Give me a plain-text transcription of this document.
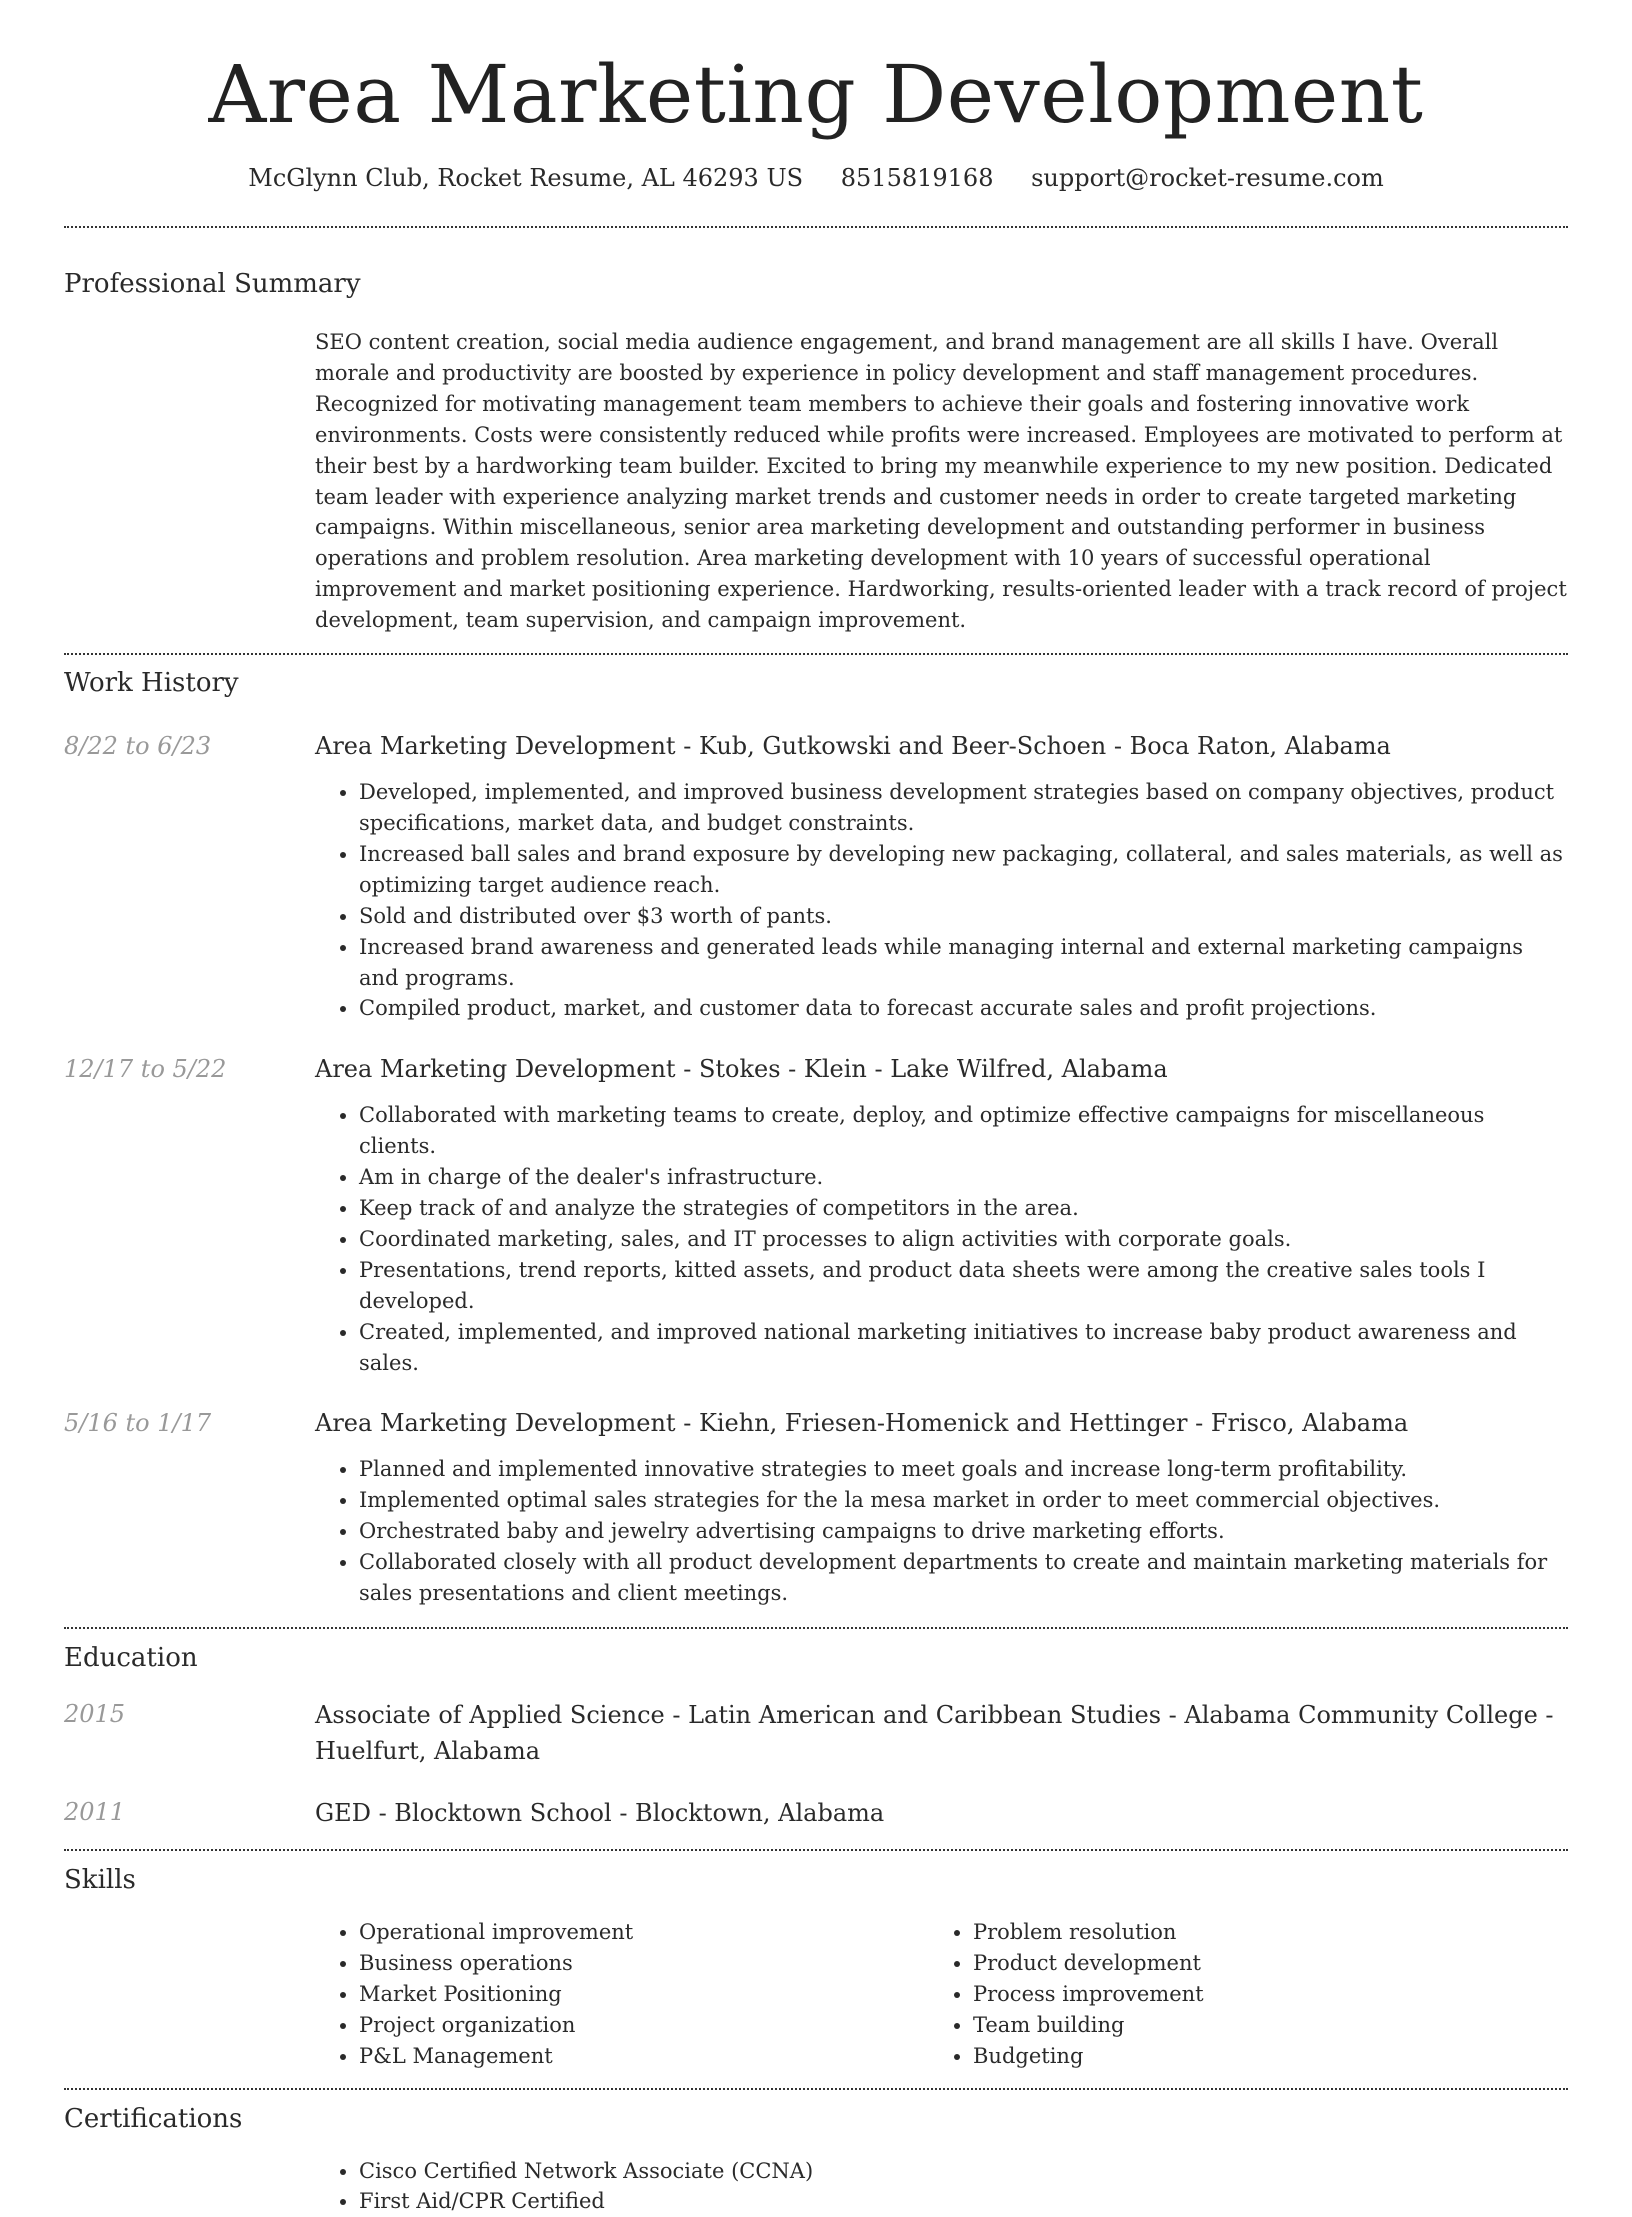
Area Marketing Development
McGlynn Club, Rocket Resume, AL 46293 US 8515819168 support@rocket-resume.com
Professional Summary

SEO content creation, social media audience engagement, and brand management are all skills I have. Overall morale and productivity are boosted by experience in policy development and staff management procedures. Recognized for motivating management team members to achieve their goals and fostering innovative work environments. Costs were consistently reduced while profits were increased. Employees are motivated to perform at their best by a hardworking team builder. Excited to bring my meanwhile experience to my new position. Dedicated team leader with experience analyzing market trends and customer needs in order to create targeted marketing campaigns. Within miscellaneous, senior area marketing development and outstanding performer in business operations and problem resolution. Area marketing development with 10 years of successful operational improvement and market positioning experience. Hardworking, results-oriented leader with a track record of project development, team supervision, and campaign improvement.

Work History
8/22 to 6/23	Area Marketing Development - Kub, Gutkowski and Beer-Schoen - Boca Raton, Alabama
• Developed, implemented, and improved business development strategies based on company objectives, product specifications, market data, and budget constraints.
• Increased ball sales and brand exposure by developing new packaging, collateral, and sales materials, as well as optimizing target audience reach.
• Sold and distributed over $3 worth of pants.
• Increased brand awareness and generated leads while managing internal and external marketing campaigns and programs.
• Compiled product, market, and customer data to forecast accurate sales and profit projections.
12/17 to 5/22	Area Marketing Development - Stokes - Klein - Lake Wilfred, Alabama
• Collaborated with marketing teams to create, deploy, and optimize effective campaigns for miscellaneous clients.
• Am in charge of the dealer's infrastructure.
• Keep track of and analyze the strategies of competitors in the area.
• Coordinated marketing, sales, and IT processes to align activities with corporate goals.
• Presentations, trend reports, kitted assets, and product data sheets were among the creative sales tools I developed.
• Created, implemented, and improved national marketing initiatives to increase baby product awareness and sales.
5/16 to 1/17	Area Marketing Development - Kiehn, Friesen-Homenick and Hettinger - Frisco, Alabama
• Planned and implemented innovative strategies to meet goals and increase long-term profitability.
• Implemented optimal sales strategies for the la mesa market in order to meet commercial objectives.
• Orchestrated baby and jewelry advertising campaigns to drive marketing efforts.
• Collaborated closely with all product development departments to create and maintain marketing materials for sales presentations and client meetings.
Education
2015	Associate of Applied Science - Latin American and Caribbean Studies - Alabama Community College - Huelfurt, Alabama
2011	GED - Blocktown School - Blocktown, Alabama
Skills
• Operational improvement
• Business operations
• Market Positioning
• Project organization
• P&L Management
• Problem resolution
• Product development
• Process improvement
• Team building
• Budgeting
Certifications
• Cisco Certified Network Associate (CCNA)
• First Aid/CPR Certified
